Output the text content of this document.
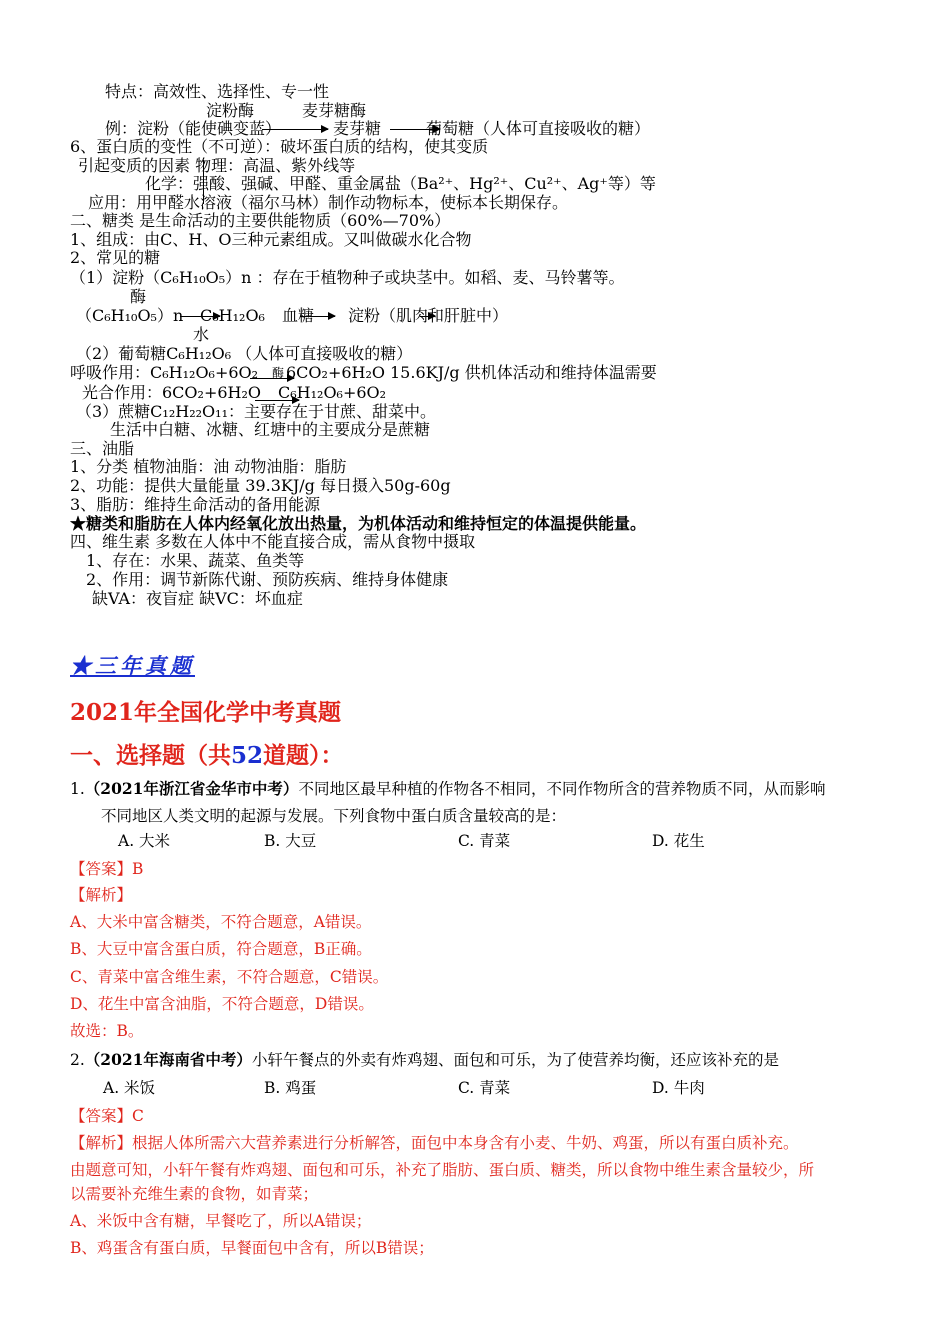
特点：高效性、选择性、专一性
淀粉酶	麦芽糖酶
例：淀粉（能使碘变蓝）	麦芽糖	葡萄糖（人体可直接吸收的糖）
6、蛋白质的变性（不可逆）：破坏蛋白质的结构，使其变质
引起变质的因素 物理：高温、紫外线等
化学：强酸、强碱、甲醛、重金属盐（Ba²⁺、Hg²⁺、Cu²⁺、Ag⁺等）等
应用：用甲醛水溶液（福尔马林）制作动物标本，使标本长期保存。
二、糖类 是生命活动的主要供能物质（60%—70%）
1、组成：由C、H、O三种元素组成。又叫做碳水化合物
2、常见的糖
（1）淀粉（C₆H₁₀O₅）n ：存在于植物种子或块茎中。如稻、麦、马铃薯等。
酶
（C₆H₁₀O₅）n C₆H₁₂O₆ 血糖 淀粉（肌肉和肝脏中）
水
（2）葡萄糖C₆H₁₂O₆ （人体可直接吸收的糖）
呼吸作用：C₆H₁₂O₆+6O₂ 酶 6CO₂+6H₂O 15.6KJ/g 供机体活动和维持体温需要
光合作用：6CO₂+6H₂O C₆H₁₂O₆+6O₂
（3）蔗糖C₁₂H₂₂O₁₁：主要存在于甘蔗、甜菜中。
生活中白糖、冰糖、红塘中的主要成分是蔗糖
三、油脂
1、分类 植物油脂：油 动物油脂：脂肪
2、功能：提供大量能量 39.3KJ/g 每日摄入50g-60g
3、脂肪：维持生命活动的备用能源
★糖类和脂肪在人体内经氧化放出热量，为机体活动和维持恒定的体温提供能量。
四、维生素 多数在人体中不能直接合成，需从食物中摄取
1、存在：水果、蔬菜、鱼类等
2、作用：调节新陈代谢、预防疾病、维持身体健康
缺VA：夜盲症 缺VC：坏血症
★三年真题
2021年全国化学中考真题
一、选择题（共52道题）：
1.（2021年浙江省金华市中考）不同地区最早种植的作物各不相同，不同作物所含的营养物质不同，从而影响
不同地区人类文明的起源与发展。下列食物中蛋白质含量较高的是：
A. 大米	B. 大豆	C. 青菜	D. 花生
【答案】B
【解析】
A、大米中富含糖类，不符合题意，A错误。
B、大豆中富含蛋白质，符合题意，B正确。
C、青菜中富含维生素，不符合题意，C错误。
D、花生中富含油脂，不符合题意，D错误。
故选：B。
2.（2021年海南省中考）小轩午餐点的外卖有炸鸡翅、面包和可乐，为了使营养均衡，还应该补充的是
A. 米饭	B. 鸡蛋	C. 青菜	D. 牛肉
【答案】C
【解析】根据人体所需六大营养素进行分析解答，面包中本身含有小麦、牛奶、鸡蛋，所以有蛋白质补充。
由题意可知，小轩午餐有炸鸡翅、面包和可乐，补充了脂肪、蛋白质、糖类，所以食物中维生素含量较少，所
以需要补充维生素的食物，如青菜；
A、米饭中含有糖，早餐吃了，所以A错误；
B、鸡蛋含有蛋白质，早餐面包中含有，所以B错误；
